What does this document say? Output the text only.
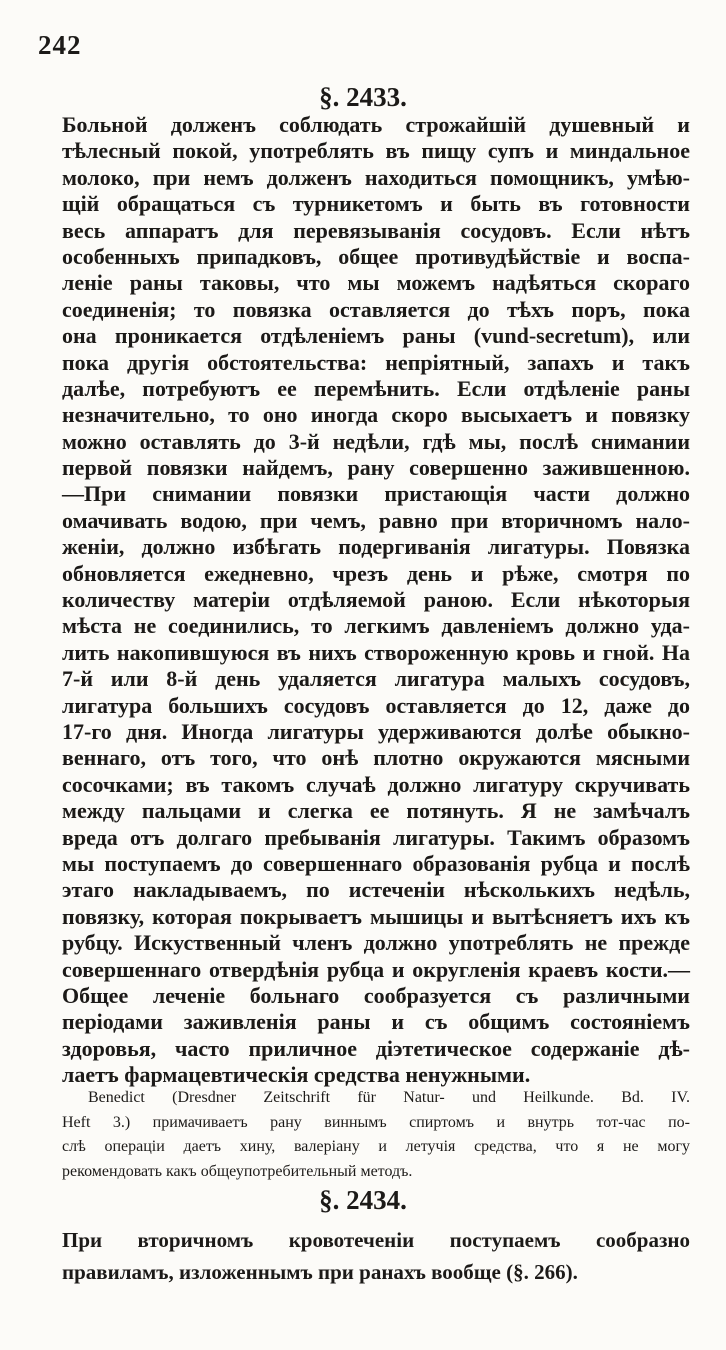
242
§. 2433.
Больной долженъ соблюдать строжайшій душевный и
тѣлесный покой, употреблять въ пищу супъ и миндальное
молоко, при немъ долженъ находиться помощникъ, умѣю-
щій обращаться съ турникетомъ и быть въ готовности
весь аппаратъ для перевязыванія сосудовъ. Если нѣтъ
особенныхъ припадковъ, общее противудѣйствіе и воспа-
леніе раны таковы, что мы можемъ надѣяться скораго
соединенія; то повязка оставляется до тѣхъ поръ, пока
она проникается отдѣленіемъ раны (vund-secretum), или
пока другія обстоятельства: непріятный, запахъ и такъ
далѣе, потребуютъ ее перемѣнить. Если отдѣленіе раны
незначительно, то оно иногда скоро высыхаетъ и повязку
можно оставлять до 3-й недѣли, гдѣ мы, послѣ снимании
первой повязки найдемъ, рану совершенно зажившенною.
—При снимании повязки пристающія части должно
омачивать водою, при чемъ, равно при вторичномъ нало-
женіи, должно избѣгать подергиванія лигатуры. Повязка
обновляется ежедневно, чрезъ день и рѣже, смотря по
количеству матеріи отдѣляемой раною. Если нѣкоторыя
мѣста не соединились, то легкимъ давленіемъ должно уда-
лить накопившуюся въ нихъ створоженную кровь и гной. На
7-й или 8-й день удаляется лигатура малыхъ сосудовъ,
лигатура большихъ сосудовъ оставляется до 12, даже до
17-го дня. Иногда лигатуры удерживаются долѣе обыкно-
веннаго, отъ того, что онѣ плотно окружаются мясными
сосочками; въ такомъ случаѣ должно лигатуру скручивать
между пальцами и слегка ее потянуть. Я не замѣчалъ
вреда отъ долгаго пребыванія лигатуры. Такимъ образомъ
мы поступаемъ до совершеннаго образованія рубца и послѣ
этаго накладываемъ, по истеченіи нѣсколькихъ недѣль,
повязку, которая покрываетъ мышицы и вытѣсняетъ ихъ къ
рубцу. Искуственный членъ должно употреблять не прежде
совершеннаго отвердѣнія рубца и округленія краевъ кости.—
Общее леченіе больнаго сообразуется съ различными
періодами заживленія раны и съ общимъ состояніемъ
здоровья, часто приличное діэтетическое содержаніе дѣ-
лаетъ фармацевтическія средства ненужными.
Benedict (Dresdner Zeitschrift für Natur- und Heilkunde. Bd. IV.
Heft 3.) примачиваетъ рану виннымъ спиртомъ и внутрь тот-час по-
слѣ операціи даетъ хину, валеріану и летучія средства, что я не могу
рекомендовать какъ общеупотребительный методъ.
§. 2434.
При вторичномъ кровотеченіи поступаемъ сообразно
правиламъ, изложеннымъ при ранахъ вообще (§. 266).
